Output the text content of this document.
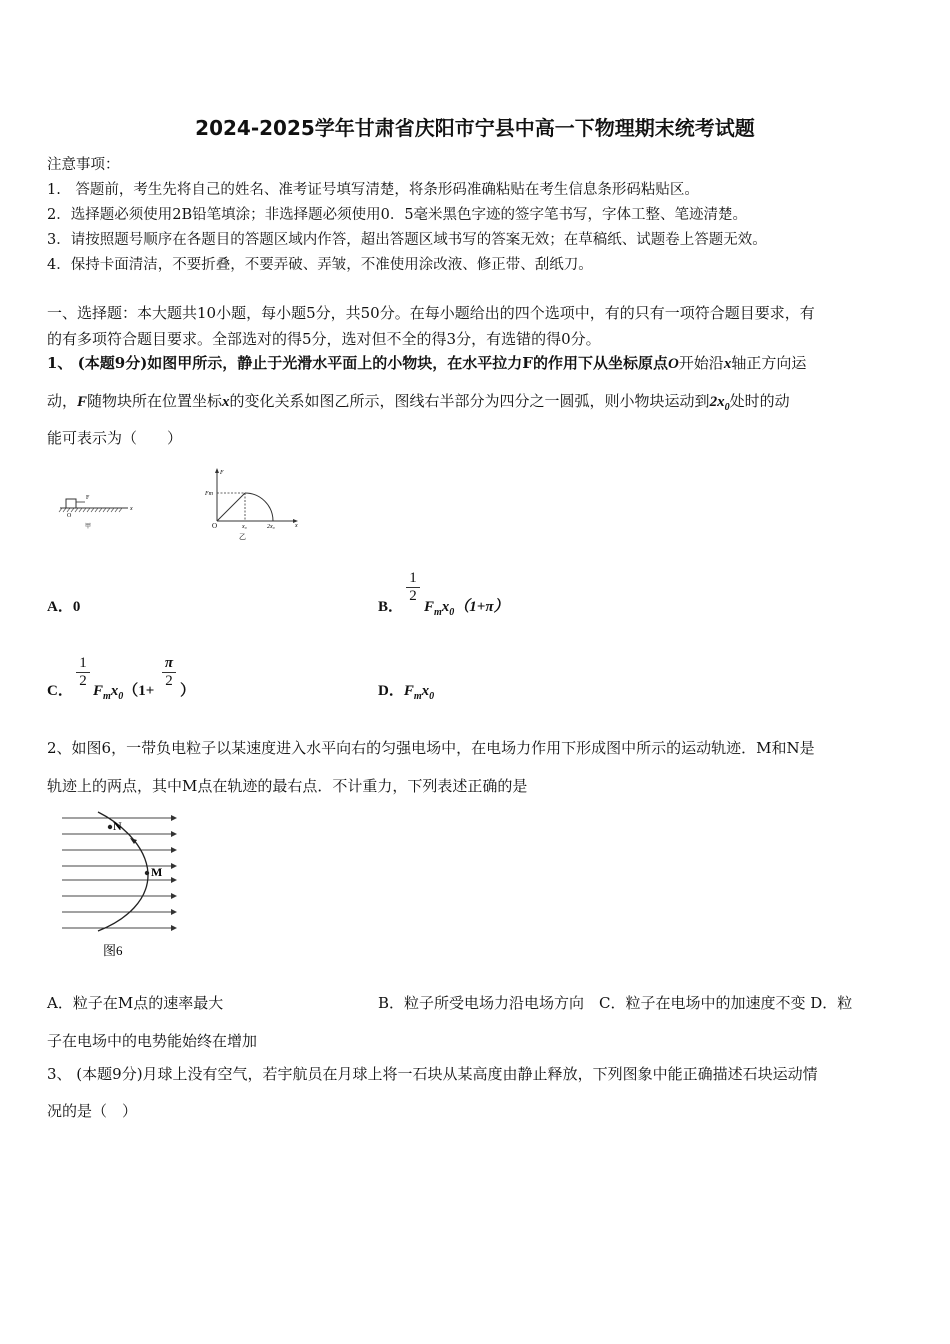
2024-2025学年甘肃省庆阳市宁县中高一下物理期末统考试题
注意事项：
1.　答题前，考生先将自己的姓名、准考证号填写清楚，将条形码准确粘贴在考生信息条形码粘贴区。
2．选择题必须使用2B铅笔填涂；非选择题必须使用0．5毫米黑色字迹的签字笔书写，字体工整、笔迹清楚。
3．请按照题号顺序在各题目的答题区域内作答，超出答题区域书写的答案无效；在草稿纸、试题卷上答题无效。
4．保持卡面清洁，不要折叠，不要弄破、弄皱，不准使用涂改液、修正带、刮纸刀。
一、选择题：本大题共10小题，每小题5分，共50分。在每小题给出的四个选项中，有的只有一项符合题目要求，有
的有多项符合题目要求。全部选对的得5分，选对但不全的得3分，有选错的得0分。
1、 (本题9分)如图甲所示，静止于光滑水平面上的小物块，在水平拉力F的作用下从坐标原点O开始沿x轴正方向运
动，F随物块所在位置坐标x的变化关系如图乙所示，图线右半部分为四分之一圆弧，则小物块运动到$2x_0$处时的动
能可表示为（　　）
F
O
x
甲
F
Fm
O	x₀	2x₀	x
乙
A．0	B．
$\frac{1}{2}$
$F_mx_0(1+\pi)$
C．
$\frac{1}{2}$
$F_mx_0(1+$
$\frac{\pi}{2}$
）	D．$F_mx_0$
2、如图6，一带负电粒子以某速度进入水平向右的匀强电场中，在电场力作用下形成图中所示的运动轨迹．M和N是
轨迹上的两点，其中M点在轨迹的最右点．不计重力，下列表述正确的是
N
M
图6
A．粒子在M点的速率最大	B．粒子所受电场力沿电场方向　C．粒子在电场中的加速度不变 D．粒
子在电场中的电势能始终在增加
3、 (本题9分)月球上没有空气，若宇航员在月球上将一石块从某高度由静止释放，下列图象中能正确描述石块运动情
况的是（　）
